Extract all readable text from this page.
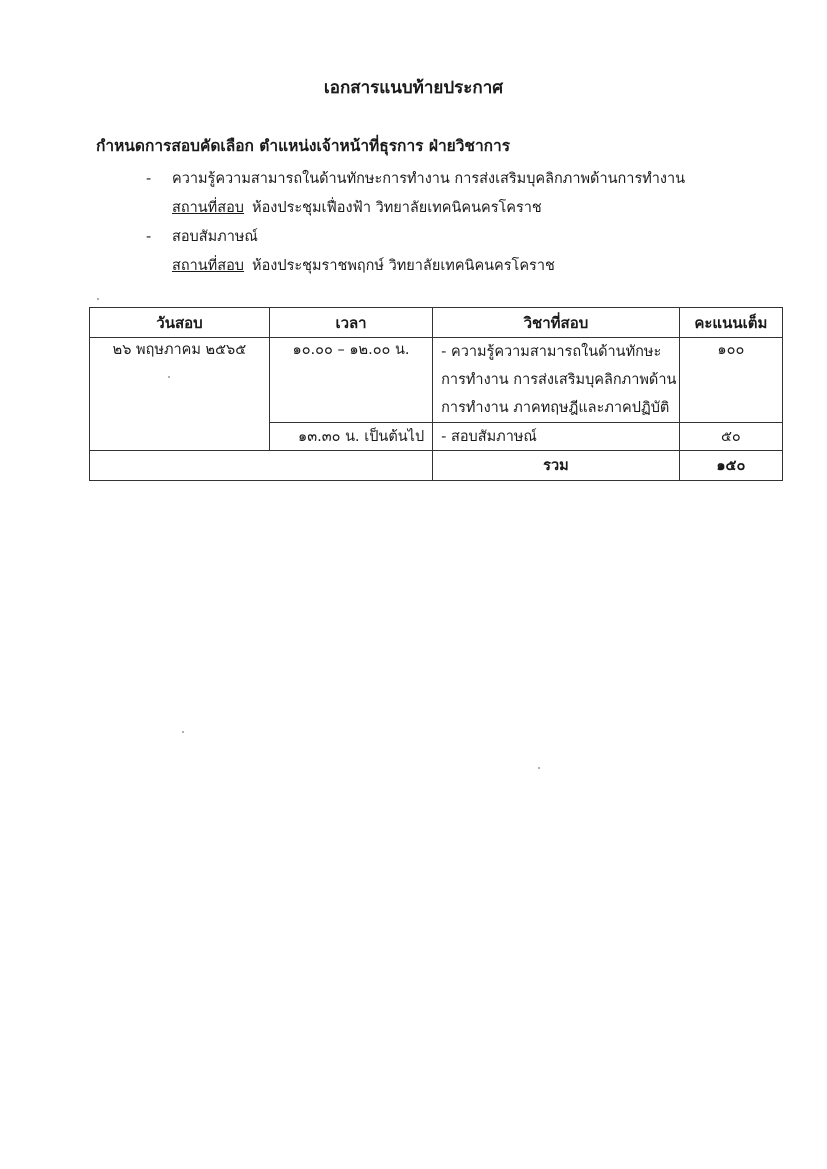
เอกสารแนบท้ายประกาศ
กำหนดการสอบคัดเลือก ตำแหน่งเจ้าหน้าที่ธุรการ ฝ่ายวิชาการ
- ความรู้ความสามารถในด้านทักษะการทำงาน การส่งเสริมบุคลิกภาพด้านการทำงาน
สถานที่สอบ ห้องประชุมเฟื่องฟ้า วิทยาลัยเทคนิคนครโคราช
- สอบสัมภาษณ์
สถานที่สอบ ห้องประชุมราชพฤกษ์ วิทยาลัยเทคนิคนครโคราช
วันสอบ	เวลา	วิชาที่สอบ	คะแนนเต็ม
๒๖ พฤษภาคม ๒๕๖๕	๑๐.๐๐ – ๑๒.๐๐ น.	- ความรู้ความสามารถในด้านทักษะ
การทำงาน การส่งเสริมบุคลิกภาพด้าน
การทำงาน ภาคทฤษฎีและภาคปฏิบัติ	๑๐๐
	๑๓.๓๐ น. เป็นต้นไป	- สอบสัมภาษณ์	๕๐
		รวม	๑๕๐
